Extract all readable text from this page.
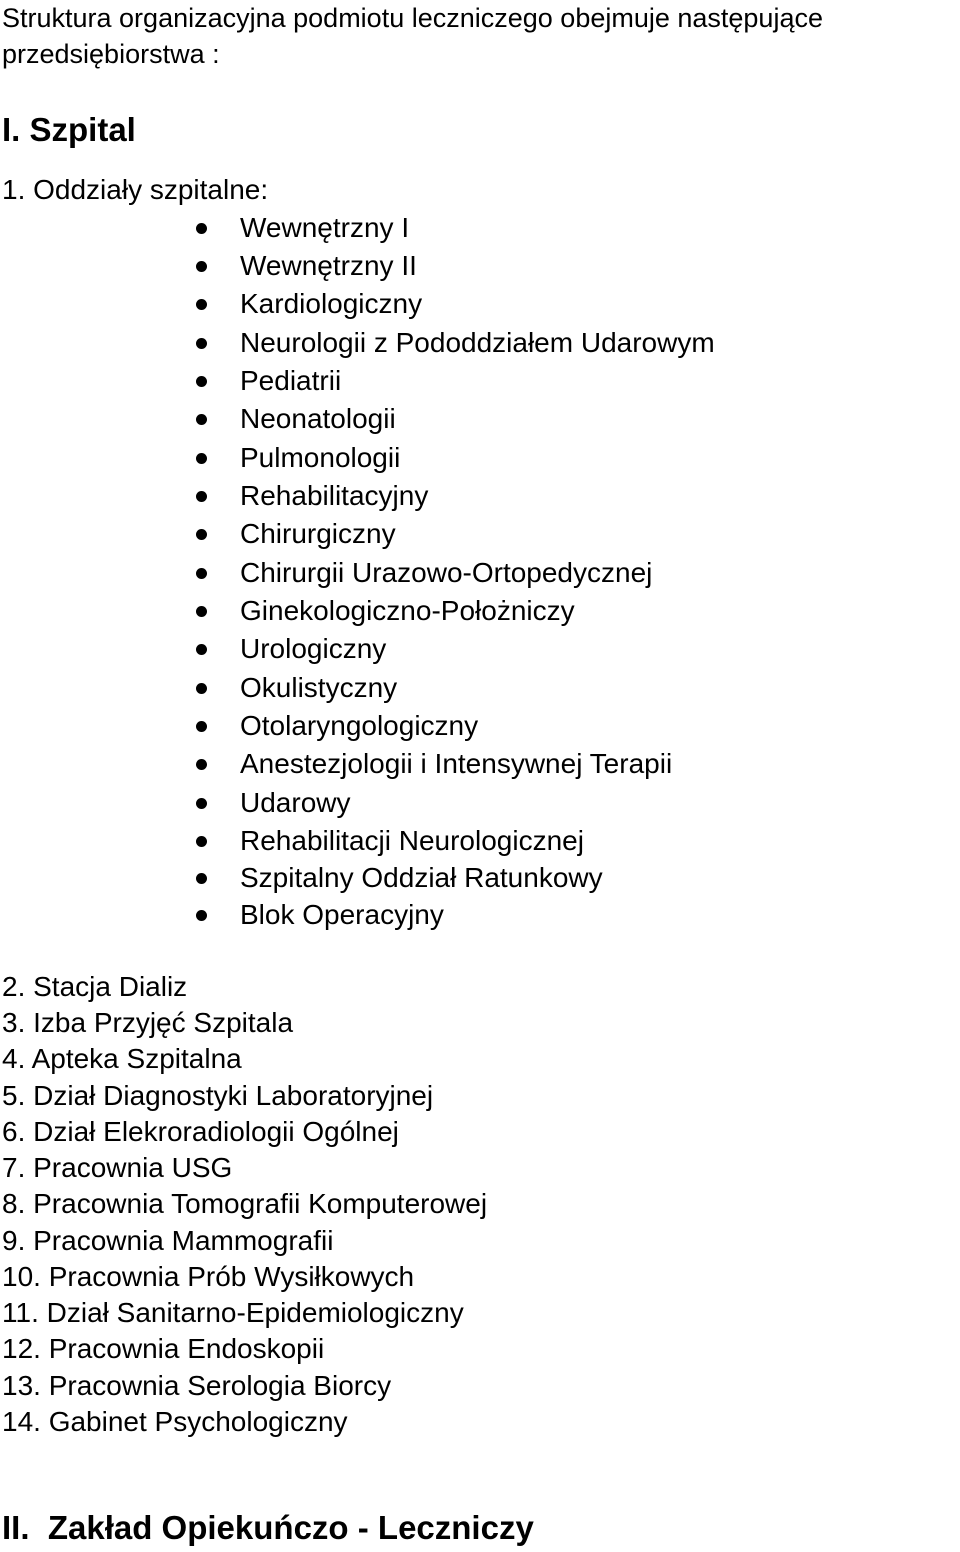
Struktura organizacyjna podmiotu leczniczego obejmuje następujące przedsiębiorstwa :
I. Szpital
1. Oddziały szpitalne:
Wewnętrzny I
Wewnętrzny II
Kardiologiczny
Neurologii z Pododdziałem Udarowym
Pediatrii
Neonatologii
Pulmonologii
Rehabilitacyjny
Chirurgiczny
Chirurgii Urazowo-Ortopedycznej
Ginekologiczno-Położniczy
Urologiczny
Okulistyczny
Otolaryngologiczny
Anestezjologii i Intensywnej Terapii
Udarowy
Rehabilitacji Neurologicznej
Szpitalny Oddział Ratunkowy
Blok Operacyjny
2. Stacja Dializ
3. Izba Przyjęć Szpitala
4. Apteka Szpitalna
5. Dział Diagnostyki Laboratoryjnej
6. Dział Elekroradiologii Ogólnej
7. Pracownia USG
8. Pracownia Tomografii Komputerowej
9. Pracownia Mammografii
10. Pracownia Prób Wysiłkowych
11. Dział Sanitarno-Epidemiologiczny
12. Pracownia Endoskopii
13. Pracownia Serologia Biorcy
14. Gabinet Psychologiczny
II.  Zakład Opiekuńczo - Leczniczy
